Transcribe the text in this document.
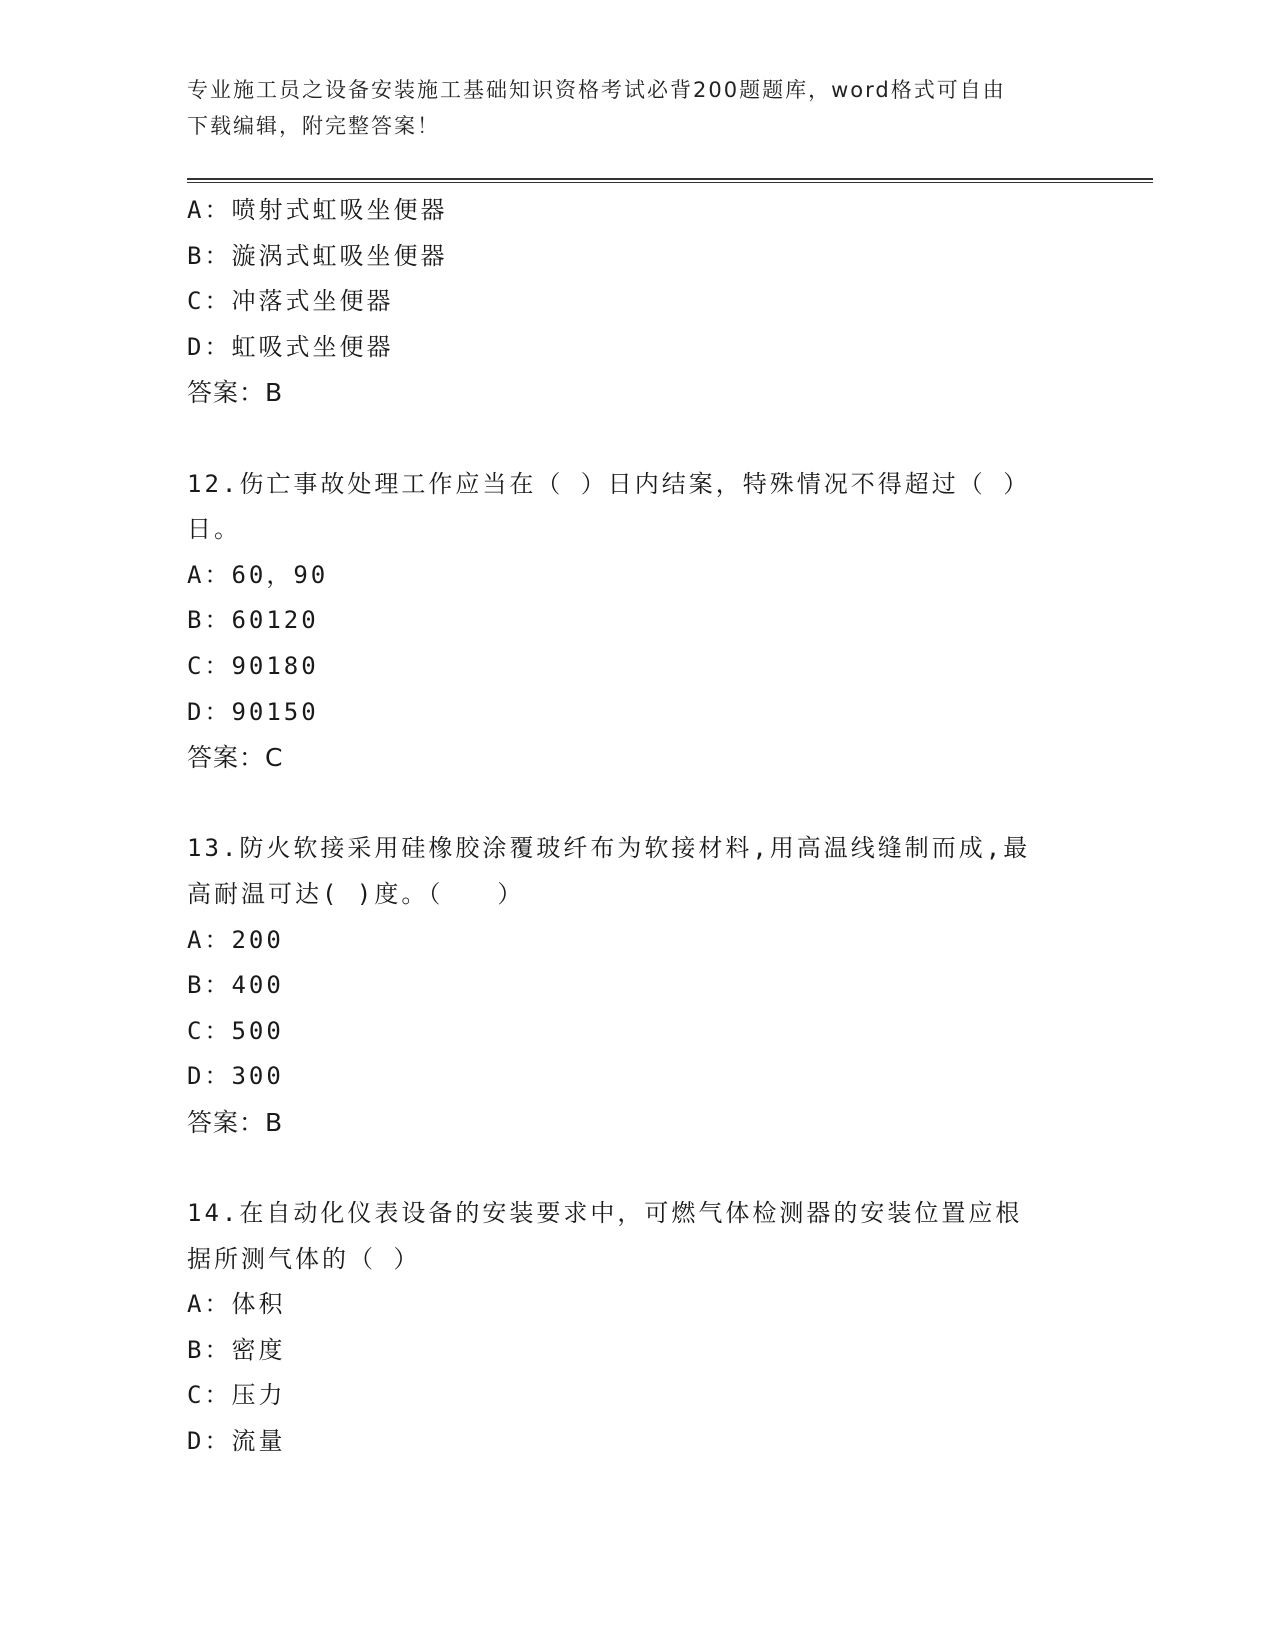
专业施工员之设备安装施工基础知识资格考试必背200题题库，word格式可自由
下载编辑，附完整答案！
A：喷射式虹吸坐便器
B：漩涡式虹吸坐便器
C：冲落式坐便器
D：虹吸式坐便器
答案：B
12.伤亡事故处理工作应当在（ ）日内结案，特殊情况不得超过（ ）
日。
A：60，90
B：60120
C：90180
D：90150
答案：C
13.防火软接采用硅橡胶涂覆玻纤布为软接材料,用高温线缝制而成,最
高耐温可达( )度。（　　）
A：200
B：400
C：500
D：300
答案：B
14.在自动化仪表设备的安装要求中，可燃气体检测器的安装位置应根
据所测气体的（ ）
A：体积
B：密度
C：压力
D：流量
